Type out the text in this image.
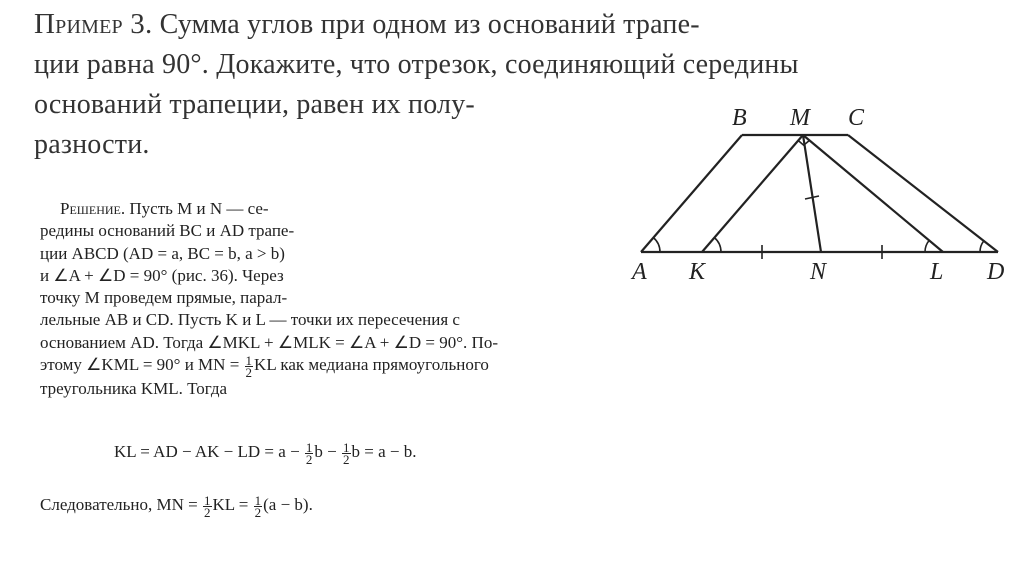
Пример 3. Сумма углов при одном из оснований трапе-
ции равна 90°. Докажите, что отрезок, соединяющий середины
оснований трапеции, равен их полу-
разности.
Решение. Пусть M и N — се-
редины оснований BC и AD трапе-
ции ABCD (AD = a, BC = b, a > b)
и ∠A + ∠D = 90° (рис. 36). Через
точку M проведем прямые, парал-
лельные AB и CD. Пусть K и L — точки их пересечения с
основанием AD. Тогда ∠MKL + ∠MLK = ∠A + ∠D = 90°. По-
этому ∠KML = 90° и MN = $\frac{1}{2}$ KL как медиана прямоугольного
треугольника KML. Тогда
KL = AD − AK − LD = $a - \frac{1}{2}$ $b - \frac{1}{2}$ b = a − b.
Следовательно, MN = $\frac{1}{2}$ KL = $\frac{1}{2} (a - b)$.
B M C
A K	N	L D
